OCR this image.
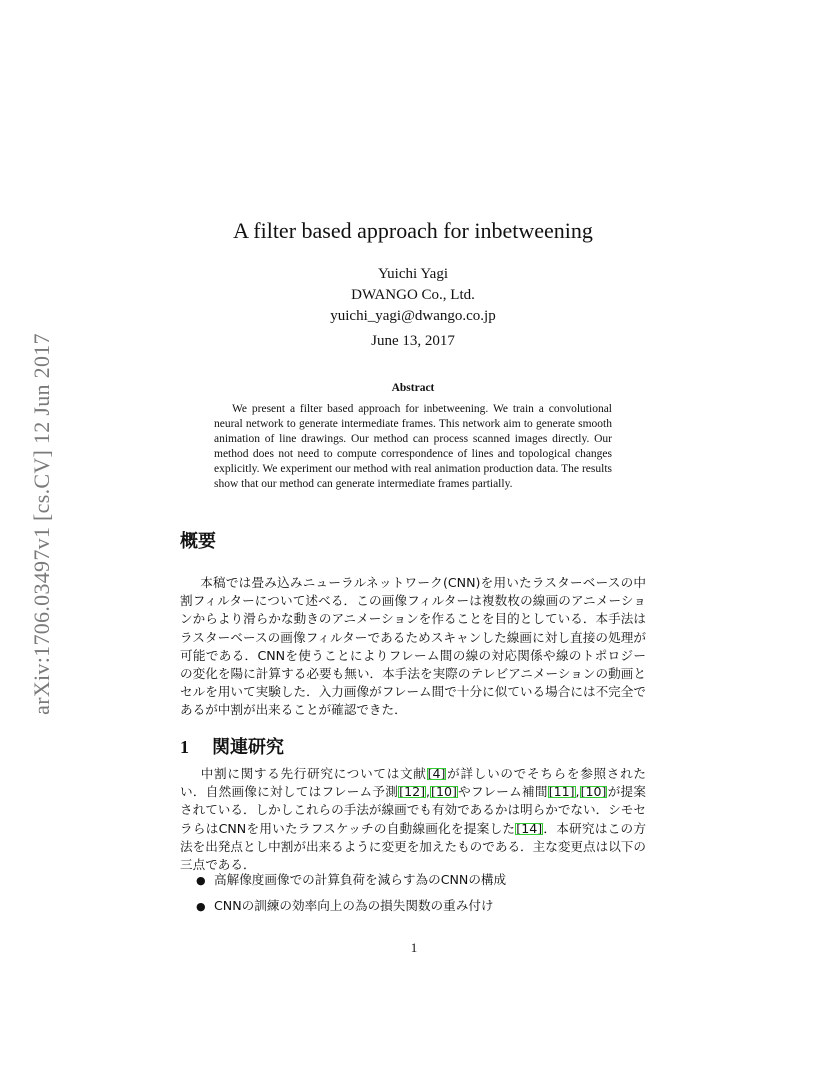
arXiv:1706.03497v1 [cs.CV] 12 Jun 2017
A filter based approach for inbetweening
Yuichi Yagi
DWANGO Co., Ltd.
yuichi_yagi@dwango.co.jp
June 13, 2017
Abstract
We present a filter based approach for inbetweening. We train a convolutional neural network to generate intermediate frames. This network aim to generate smooth animation of line drawings. Our method can process scanned images directly. Our method does not need to compute correspondence of lines and topological changes explicitly. We experiment our method with real animation production data. The results show that our method can generate intermediate frames partially.
概要
本稿では畳み込みニューラルネットワーク(CNN)を用いたラスターベースの中割フィルターについて述べる．この画像フィルターは複数枚の線画のアニメーションからより滑らかな動きのアニメーションを作ることを目的としている．本手法はラスターベースの画像フィルターであるためスキャンした線画に対し直接の処理が可能である．CNNを使うことによりフレーム間の線の対応関係や線のトポロジーの変化を陽に計算する必要も無い．本手法を実際のテレビアニメーションの動画とセルを用いて実験した．入力画像がフレーム間で十分に似ている場合には不完全であるが中割が出来ることが確認できた．
1 関連研究
中割に関する先行研究については文献[4]が詳しいのでそちらを参照されたい．自然画像に対してはフレーム予測[12],[10]やフレーム補間[11],[10]が提案されている．しかしこれらの手法が線画でも有効であるかは明らかでない．シモセラらはCNNを用いたラフスケッチの自動線画化を提案した[14]．本研究はこの方法を出発点とし中割が出来るように変更を加えたものである．主な変更点は以下の三点である．
● 高解像度画像での計算負荷を減らす為のCNNの構成
● CNNの訓練の効率向上の為の損失関数の重み付け
1
